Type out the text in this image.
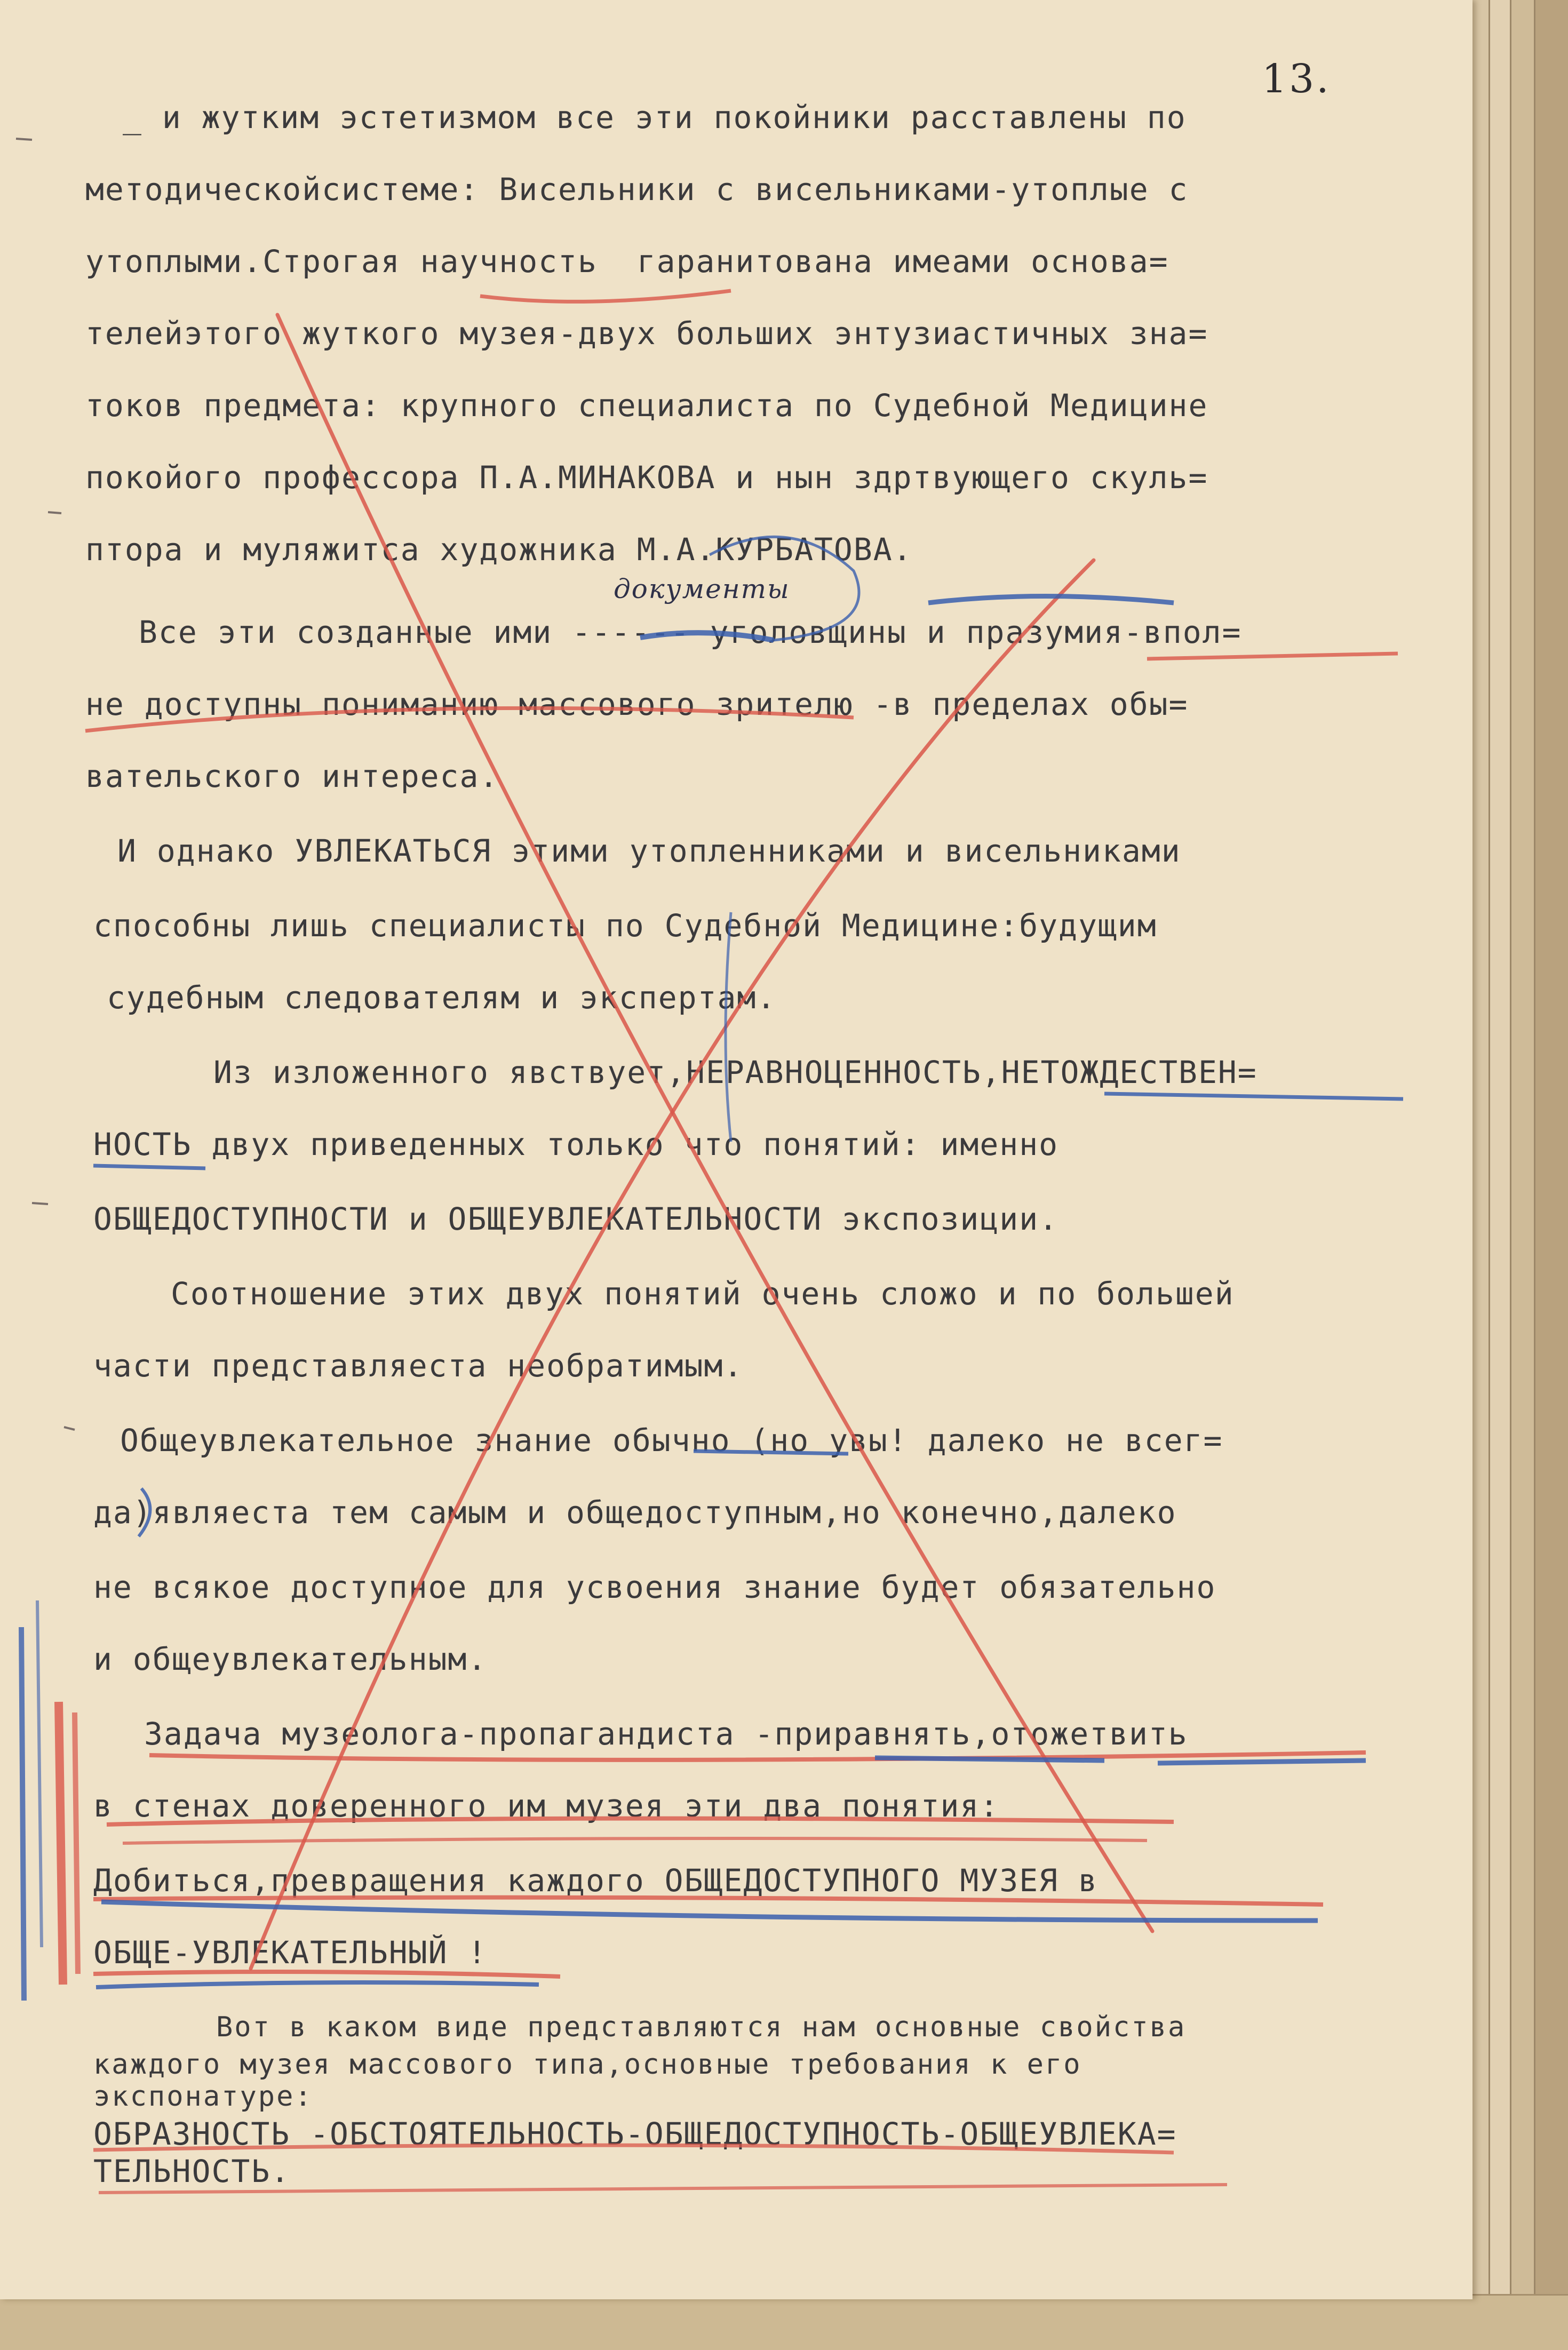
13.
документы
_ и жутким эстетизмом все эти покойники расставлены по
методическойсистеме: Висельники с висельниками-утоплые с
утоплыми.Строгая научность  гаранитована имеами основа=
телейэтого жуткого музея-двух больших энтузиастичных зна=
токов предмета: крупного специалиста по Судебной Медицине
покойого профессора П.А.МИНАКОВА и нын здртвующего скуль=
птора и муляжитса художника М.А.КУРБАТОВА.
Все эти созданные ими ------ уголовщины и празумия-впол=
не доступны пониманию массового зрителю -в пределах обы=
вательского интереса.
И однако УВЛЕКАТЬСЯ этими утопленниками и висельниками
способны лишь специалисты по Судебной Медицине:будущим
судебным следователям и экспертам.
Из изложенного явствует,НЕРАВНОЦЕННОСТЬ,НЕТОЖДЕСТВЕН=
НОСТЬ двух приведенных только что понятий: именно
ОБЩЕДОСТУПНОСТИ и ОБЩЕУВЛЕКАТЕЛЬНОСТИ экспозиции.
Соотношение этих двух понятий очень сложо и по большей
части представляеста необратимым.
Общеувлекательное знание обычно (но увы! далеко не всег=
да)являеста тем самым и общедоступным,но конечно,далеко
не всякое доступное для усвоения знание будет обязательно
и общеувлекательным.
Задача музеолога-пропагандиста -приравнять,отожетвить
в стенах доверенного им музея эти два понятия:
Добиться,превращения каждого ОБЩЕДОСТУПНОГО МУЗЕЯ в
ОБЩЕ-УВЛЕКАТЕЛЬНЫЙ !
Вот в каком виде представляются нам основные свойства
каждого музея массового типа,основные требования к его
экспонатуре:
ОБРАЗНОСТЬ -ОБСТОЯТЕЛЬНОСТЬ-ОБЩЕДОСТУПНОСТЬ-ОБЩЕУВЛЕКА=
ТЕЛЬНОСТЬ.
